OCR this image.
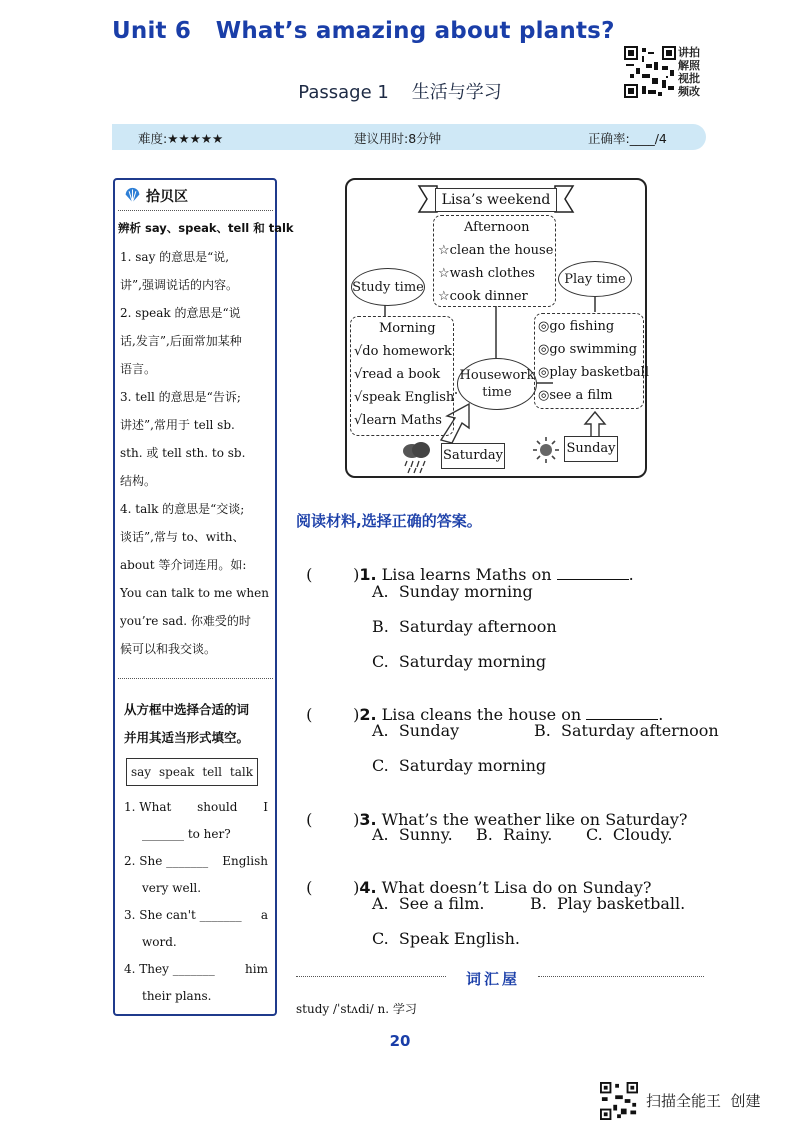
Unit 6   What’s amazing about plants?
Passage 1    生活与学习
讲拍
解照
视批
频改
难度:★★★★★	建议用时:8分钟	正确率:____/4
拾贝区
辨析 say、speak、tell 和 talk
1. say 的意思是“说,
讲”,强调说话的内容。
2. speak 的意思是“说
话,发言”,后面常加某种
语言。
3. tell 的意思是“告诉;
讲述”,常用于 tell sb.
sth. 或 tell sth. to sb.
结构。
4. talk 的意思是“交谈;
谈话”,常与 to、with、
about 等介词连用。如:
You can talk to me when
you’re sad. 你难受的时
候可以和我交谈。
从方框中选择合适的词
并用其适当形式填空。
say speak tell talk
1. What should I
_______ to her?
2. She _______ English
very well.
3. She can't _______ a
word.
4. They _______	him
their plans.
Lisa’s weekend
Afternoon
☆clean the house
☆wash clothes
☆cook dinner
Study time
Play time
Morning
√do homework
√read a book
√speak English
√learn Maths
Housework time
◎go fishing
◎go swimming
◎play basketball
◎see a film
Saturday	Sunday
阅读材料,选择正确的答案。

(        )1. Lisa learns Maths on	.

A.  Sunday morning
B.  Saturday afternoon
C.  Saturday morning

(        )2. Lisa cleans the house on	.

A.  Sunday	B.  Saturday afternoon
C.  Saturday morning

(        )3. What’s the weather like on Saturday?

A.  Sunny. B.  Rainy. C.  Cloudy.

(        )4. What doesn’t Lisa do on Sunday?

A.  See a film.	B.  Play basketball.
C.  Speak English.
词汇屋
study /ˈstʌdi/ n. 学习
20
扫描全能王  创建
